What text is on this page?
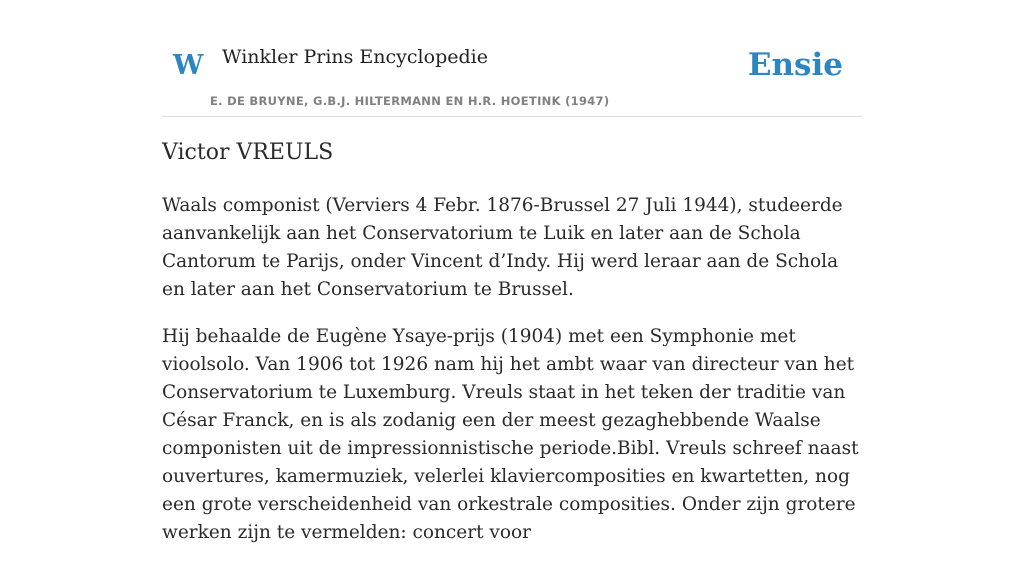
W Winkler Prins Encyclopedie
E. DE BRUYNE, G.B.J. HILTERMANN EN H.R. HOETINK (1947)
Ensie
Victor VREULS

Waals componist (Verviers 4 Febr. 1876-Brussel 27 Juli 1944), studeerde aanvankelijk aan het Conservatorium te Luik en later aan de Schola Cantorum te Parijs, onder Vincent d’Indy. Hij werd leraar aan de Schola en later aan het Conservatorium te Brussel.

Hij behaalde de Eugène Ysaye-prijs (1904) met een Symphonie met vioolsolo. Van 1906 tot 1926 nam hij het ambt waar van directeur van het Conservatorium te Luxemburg. Vreuls staat in het teken der traditie van César Franck, en is als zodanig een der meest gezaghebbende Waalse componisten uit de impressionnistische periode.Bibl. Vreuls schreef naast ouvertures, kamermuziek, velerlei klaviercomposities en kwartetten, nog een grote verscheidenheid van orkestrale composities. Onder zijn grotere werken zijn te vermelden: concert voor
